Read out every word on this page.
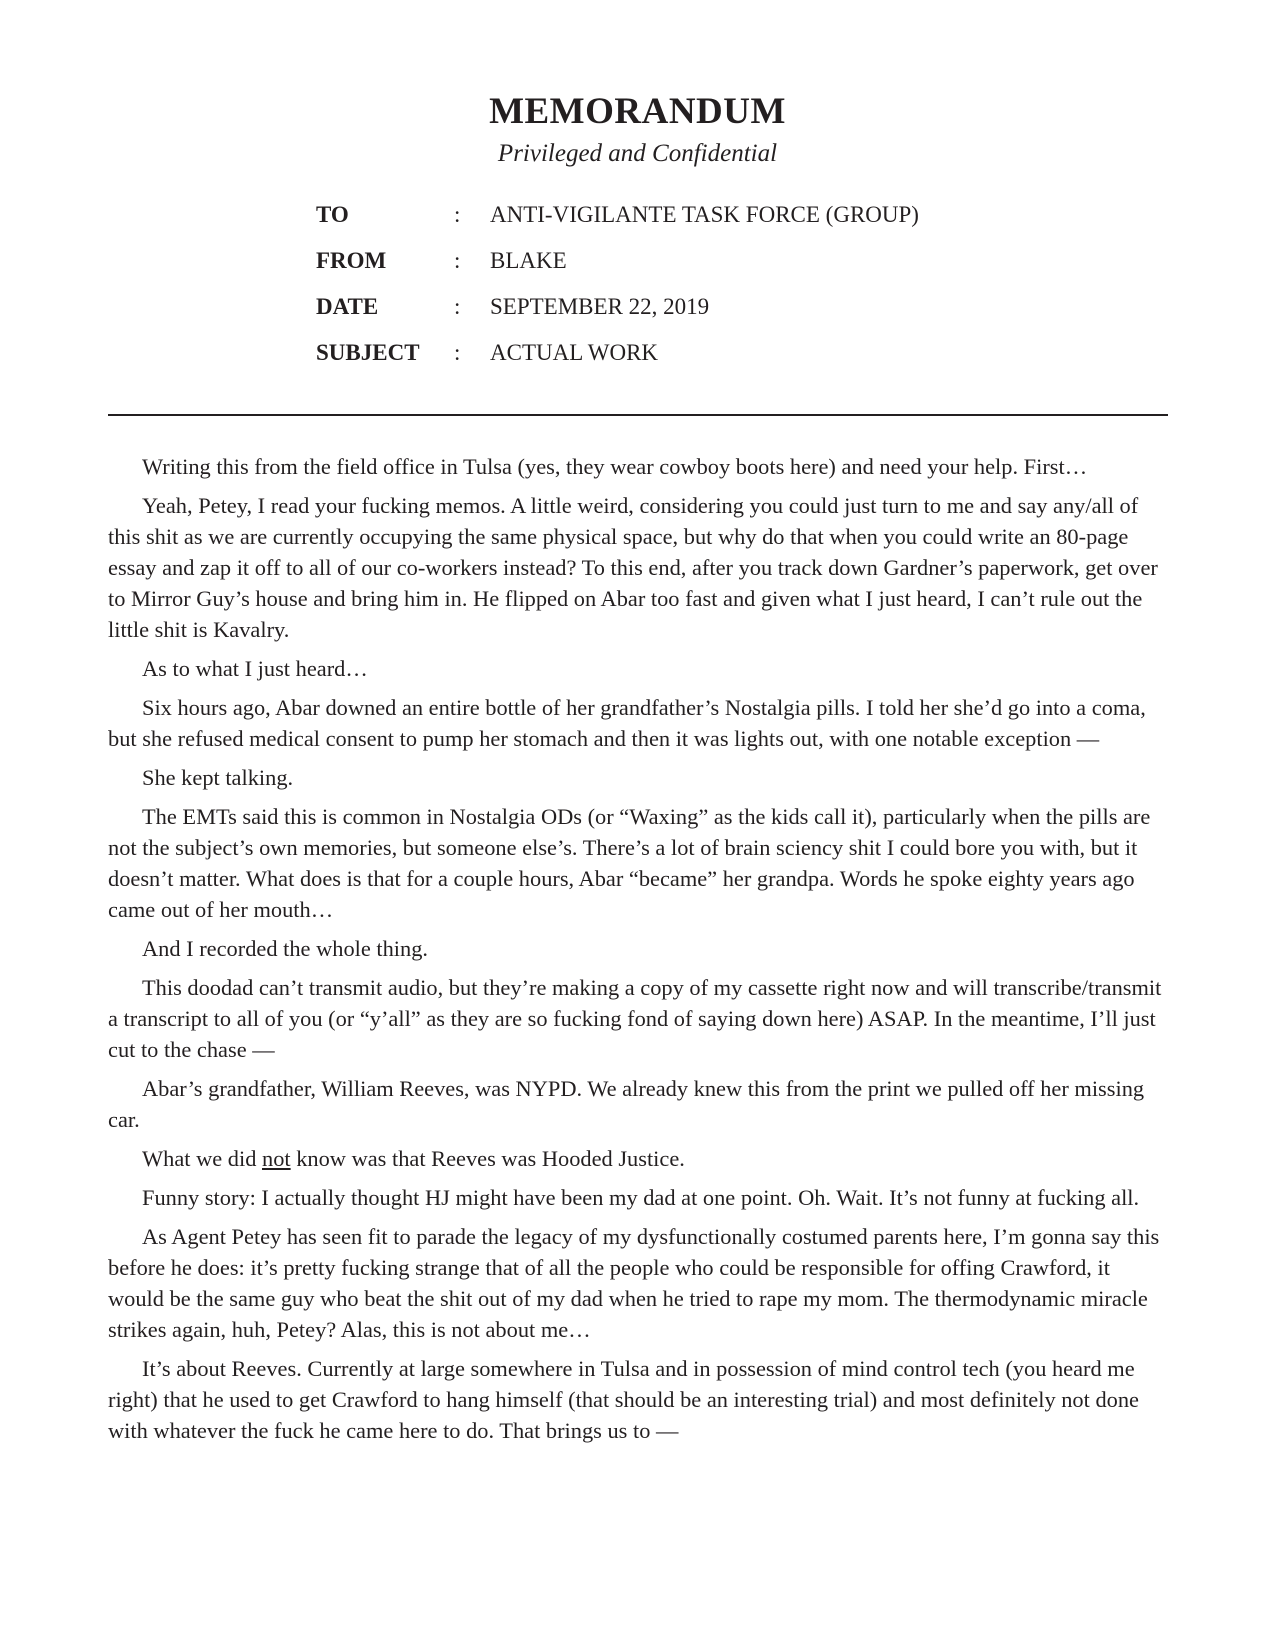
MEMORANDUM
Privileged and Confidential
TO	: ANTI-VIGILANTE TASK FORCE (GROUP)
FROM	: BLAKE
DATE	: SEPTEMBER 22, 2019
SUBJECT : ACTUAL WORK

Writing this from the field office in Tulsa (yes, they wear cowboy boots here) and need your help. First…

Yeah, Petey, I read your fucking memos. A little weird, considering you could just turn to me and say any/all of this shit as we are currently occupying the same physical space, but why do that when you could write an 80-page essay and zap it off to all of our co-workers instead? To this end, after you track down Gardner’s paperwork, get over to Mirror Guy’s house and bring him in. He flipped on Abar too fast and given what I just heard, I can’t rule out the little shit is Kavalry.

As to what I just heard…

Six hours ago, Abar downed an entire bottle of her grandfather’s Nostalgia pills. I told her she’d go into a coma, but she refused medical consent to pump her stomach and then it was lights out, with one notable exception —

She kept talking.

The EMTs said this is common in Nostalgia ODs (or “Waxing” as the kids call it), particularly when the pills are not the subject’s own memories, but someone else’s. There’s a lot of brain sciency shit I could bore you with, but it doesn’t matter. What does is that for a couple hours, Abar “became” her grandpa. Words he spoke eighty years ago came out of her mouth…

And I recorded the whole thing.

This doodad can’t transmit audio, but they’re making a copy of my cassette right now and will transcribe/transmit a transcript to all of you (or “y’all” as they are so fucking fond of saying down here) ASAP. In the meantime, I’ll just cut to the chase —

Abar’s grandfather, William Reeves, was NYPD. We already knew this from the print we pulled off her missing car.

What we did not know was that Reeves was Hooded Justice.

Funny story: I actually thought HJ might have been my dad at one point. Oh. Wait. It’s not funny at fucking all.

As Agent Petey has seen fit to parade the legacy of my dysfunctionally costumed parents here, I’m gonna say this before he does: it’s pretty fucking strange that of all the people who could be responsible for offing Crawford, it would be the same guy who beat the shit out of my dad when he tried to rape my mom. The thermodynamic miracle strikes again, huh, Petey? Alas, this is not about me…

It’s about Reeves. Currently at large somewhere in Tulsa and in possession of mind control tech (you heard me right) that he used to get Crawford to hang himself (that should be an interesting trial) and most definitely not done with whatever the fuck he came here to do. That brings us to —
